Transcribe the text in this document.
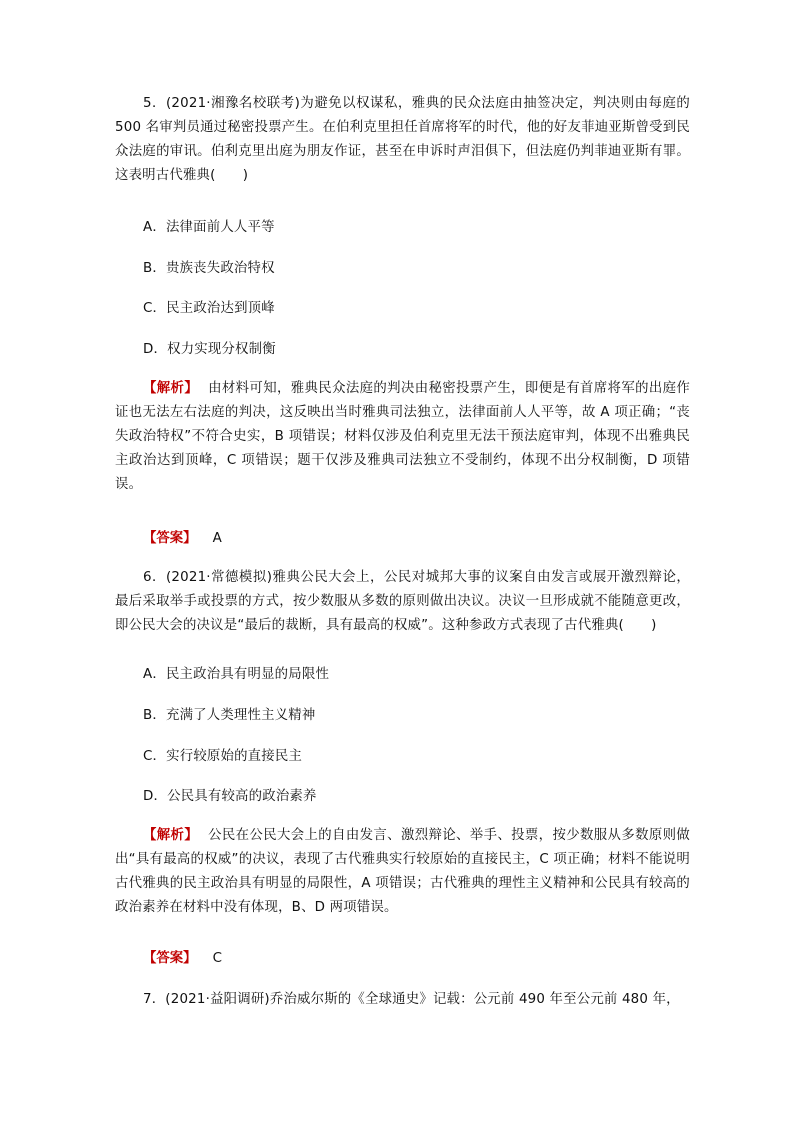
5．(2021·湘豫名校联考)为避免以权谋私，雅典的民众法庭由抽签决定，判决则由每庭的 500 名审判员通过秘密投票产生。在伯利克里担任首席将军的时代，他的好友菲迪亚斯曾受到民众法庭的审讯。伯利克里出庭为朋友作证，甚至在申诉时声泪俱下，但法庭仍判菲迪亚斯有罪。这表明古代雅典(　　)

A．法律面前人人平等

B．贵族丧失政治特权

C．民主政治达到顶峰

D．权力实现分权制衡

【解析】 由材料可知，雅典民众法庭的判决由秘密投票产生，即便是有首席将军的出庭作证也无法左右法庭的判决，这反映出当时雅典司法独立，法律面前人人平等，故 A 项正确；“丧失政治特权”不符合史实，B 项错误；材料仅涉及伯利克里无法干预法庭审判，体现不出雅典民主政治达到顶峰，C 项错误；题干仅涉及雅典司法独立不受制约，体现不出分权制衡，D 项错误。

【答案】 A

6．(2021·常德模拟)雅典公民大会上，公民对城邦大事的议案自由发言或展开激烈辩论，最后采取举手或投票的方式，按少数服从多数的原则做出决议。决议一旦形成就不能随意更改，即公民大会的决议是“最后的裁断，具有最高的权威”。这种参政方式表现了古代雅典(　　)

A．民主政治具有明显的局限性

B．充满了人类理性主义精神

C．实行较原始的直接民主

D．公民具有较高的政治素养

【解析】 公民在公民大会上的自由发言、激烈辩论、举手、投票，按少数服从多数原则做出“具有最高的权威”的决议，表现了古代雅典实行较原始的直接民主，C 项正确；材料不能说明古代雅典的民主政治具有明显的局限性，A 项错误；古代雅典的理性主义精神和公民具有较高的政治素养在材料中没有体现，B、D 两项错误。

【答案】 C

7．(2021·益阳调研)乔治威尔斯的《全球通史》记载：公元前 490 年至公元前 480 年，
